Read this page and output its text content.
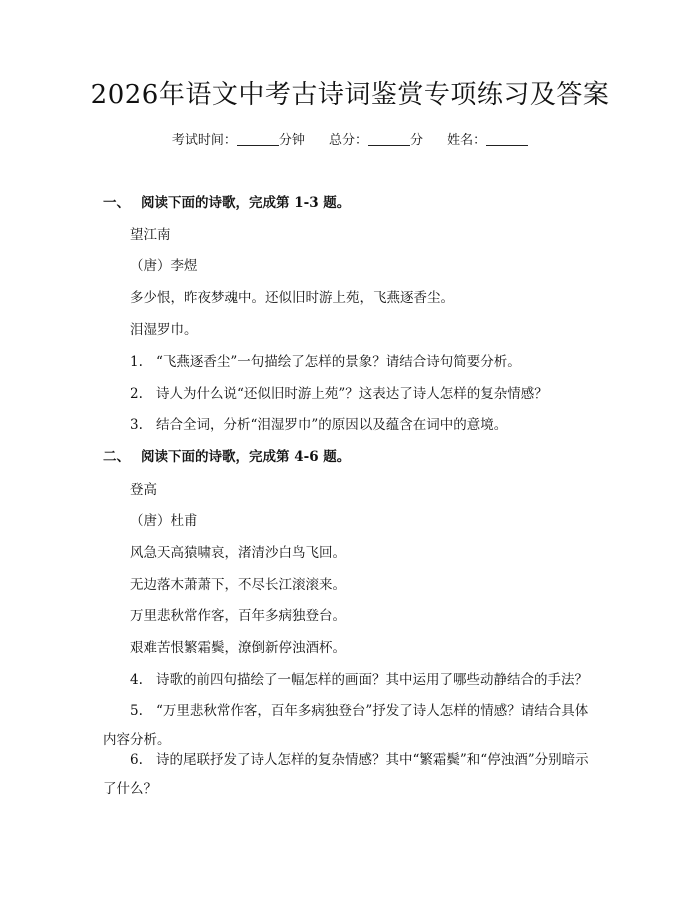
2026年语文中考古诗词鉴赏专项练习及答案
考试时间：	分钟 总分：	分 姓名：
一、 阅读下面的诗歌，完成第 1-3 题。
望江南
（唐）李煜
多少恨，昨夜梦魂中。还似旧时游上苑，飞燕逐香尘。
泪湿罗巾。
1. “飞燕逐香尘”一句描绘了怎样的景象？请结合诗句简要分析。
2. 诗人为什么说“还似旧时游上苑”？这表达了诗人怎样的复杂情感？
3. 结合全词，分析“泪湿罗巾”的原因以及蕴含在词中的意境。
二、 阅读下面的诗歌，完成第 4-6 题。
登高
（唐）杜甫
风急天高猿啸哀，渚清沙白鸟飞回。
无边落木萧萧下，不尽长江滚滚来。
万里悲秋常作客，百年多病独登台。
艰难苦恨繁霜鬓，潦倒新停浊酒杯。
4. 诗歌的前四句描绘了一幅怎样的画面？其中运用了哪些动静结合的手法？
5. “万里悲秋常作客，百年多病独登台”抒发了诗人怎样的情感？请结合具体内容分析。
6. 诗的尾联抒发了诗人怎样的复杂情感？其中“繁霜鬓”和“停浊酒”分别暗示了什么？
